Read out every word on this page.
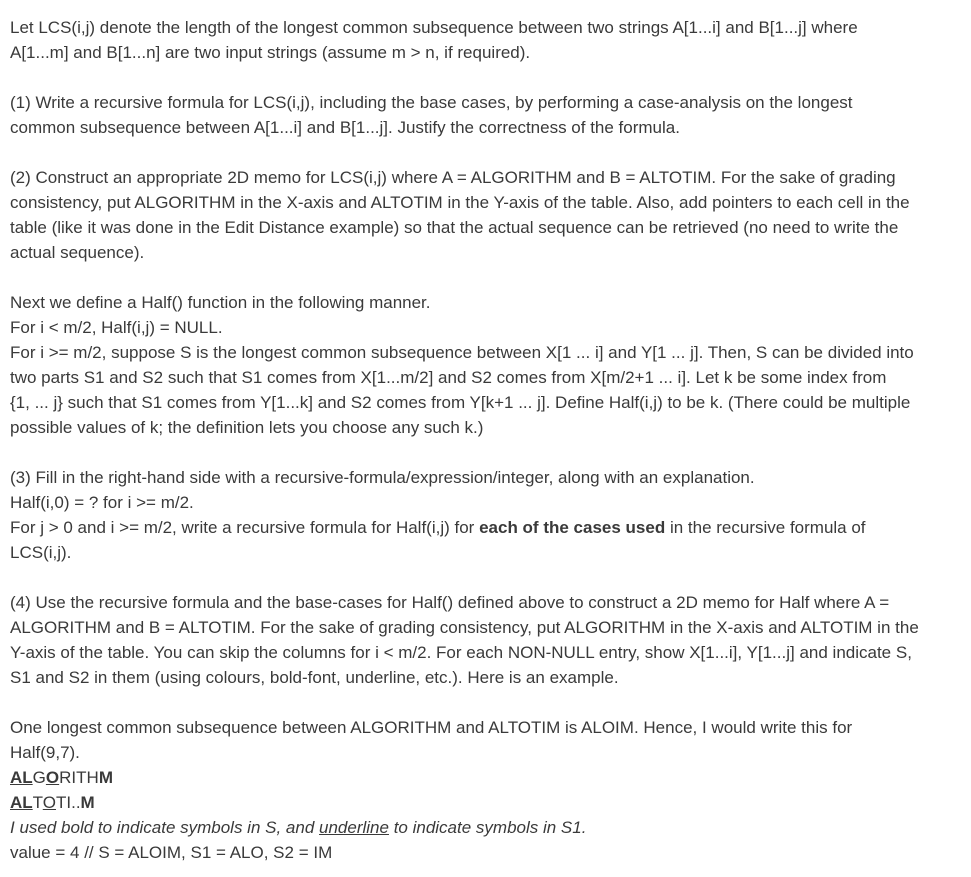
Let LCS(i,j) denote the length of the longest common subsequence between two strings A[1...i] and B[1...j] where
A[1...m] and B[1...n] are two input strings (assume m > n, if required).
(1) Write a recursive formula for LCS(i,j), including the base cases, by performing a case-analysis on the longest
common subsequence between A[1...i] and B[1...j]. Justify the correctness of the formula.
(2) Construct an appropriate 2D memo for LCS(i,j) where A = ALGORITHM and B = ALTOTIM. For the sake of grading
consistency, put ALGORITHM in the X-axis and ALTOTIM in the Y-axis of the table. Also, add pointers to each cell in the
table (like it was done in the Edit Distance example) so that the actual sequence can be retrieved (no need to write the
actual sequence).
Next we define a Half() function in the following manner.
For i < m/2, Half(i,j) = NULL.
For i >= m/2, suppose S is the longest common subsequence between X[1 ... i] and Y[1 ... j]. Then, S can be divided into
two parts S1 and S2 such that S1 comes from X[1...m/2] and S2 comes from X[m/2+1 ... i]. Let k be some index from
{1, ... j} such that S1 comes from Y[1...k] and S2 comes from Y[k+1 ... j]. Define Half(i,j) to be k. (There could be multiple
possible values of k; the definition lets you choose any such k.)
(3) Fill in the right-hand side with a recursive-formula/expression/integer, along with an explanation.
Half(i,0) = ? for i >= m/2.
For j > 0 and i >= m/2, write a recursive formula for Half(i,j) for each of the cases used in the recursive formula of
LCS(i,j).
(4) Use the recursive formula and the base-cases for Half() defined above to construct a 2D memo for Half where A =
ALGORITHM and B = ALTOTIM. For the sake of grading consistency, put ALGORITHM in the X-axis and ALTOTIM in the
Y-axis of the table. You can skip the columns for i < m/2. For each NON-NULL entry, show X[1...i], Y[1...j] and indicate S,
S1 and S2 in them (using colours, bold-font, underline, etc.). Here is an example.
One longest common subsequence between ALGORITHM and ALTOTIM is ALOIM. Hence, I would write this for
Half(9,7).
ALGORITHM
ALTOTI..M
I used bold to indicate symbols in S, and underline to indicate symbols in S1.
value = 4 // S = ALOIM, S1 = ALO, S2 = IM
